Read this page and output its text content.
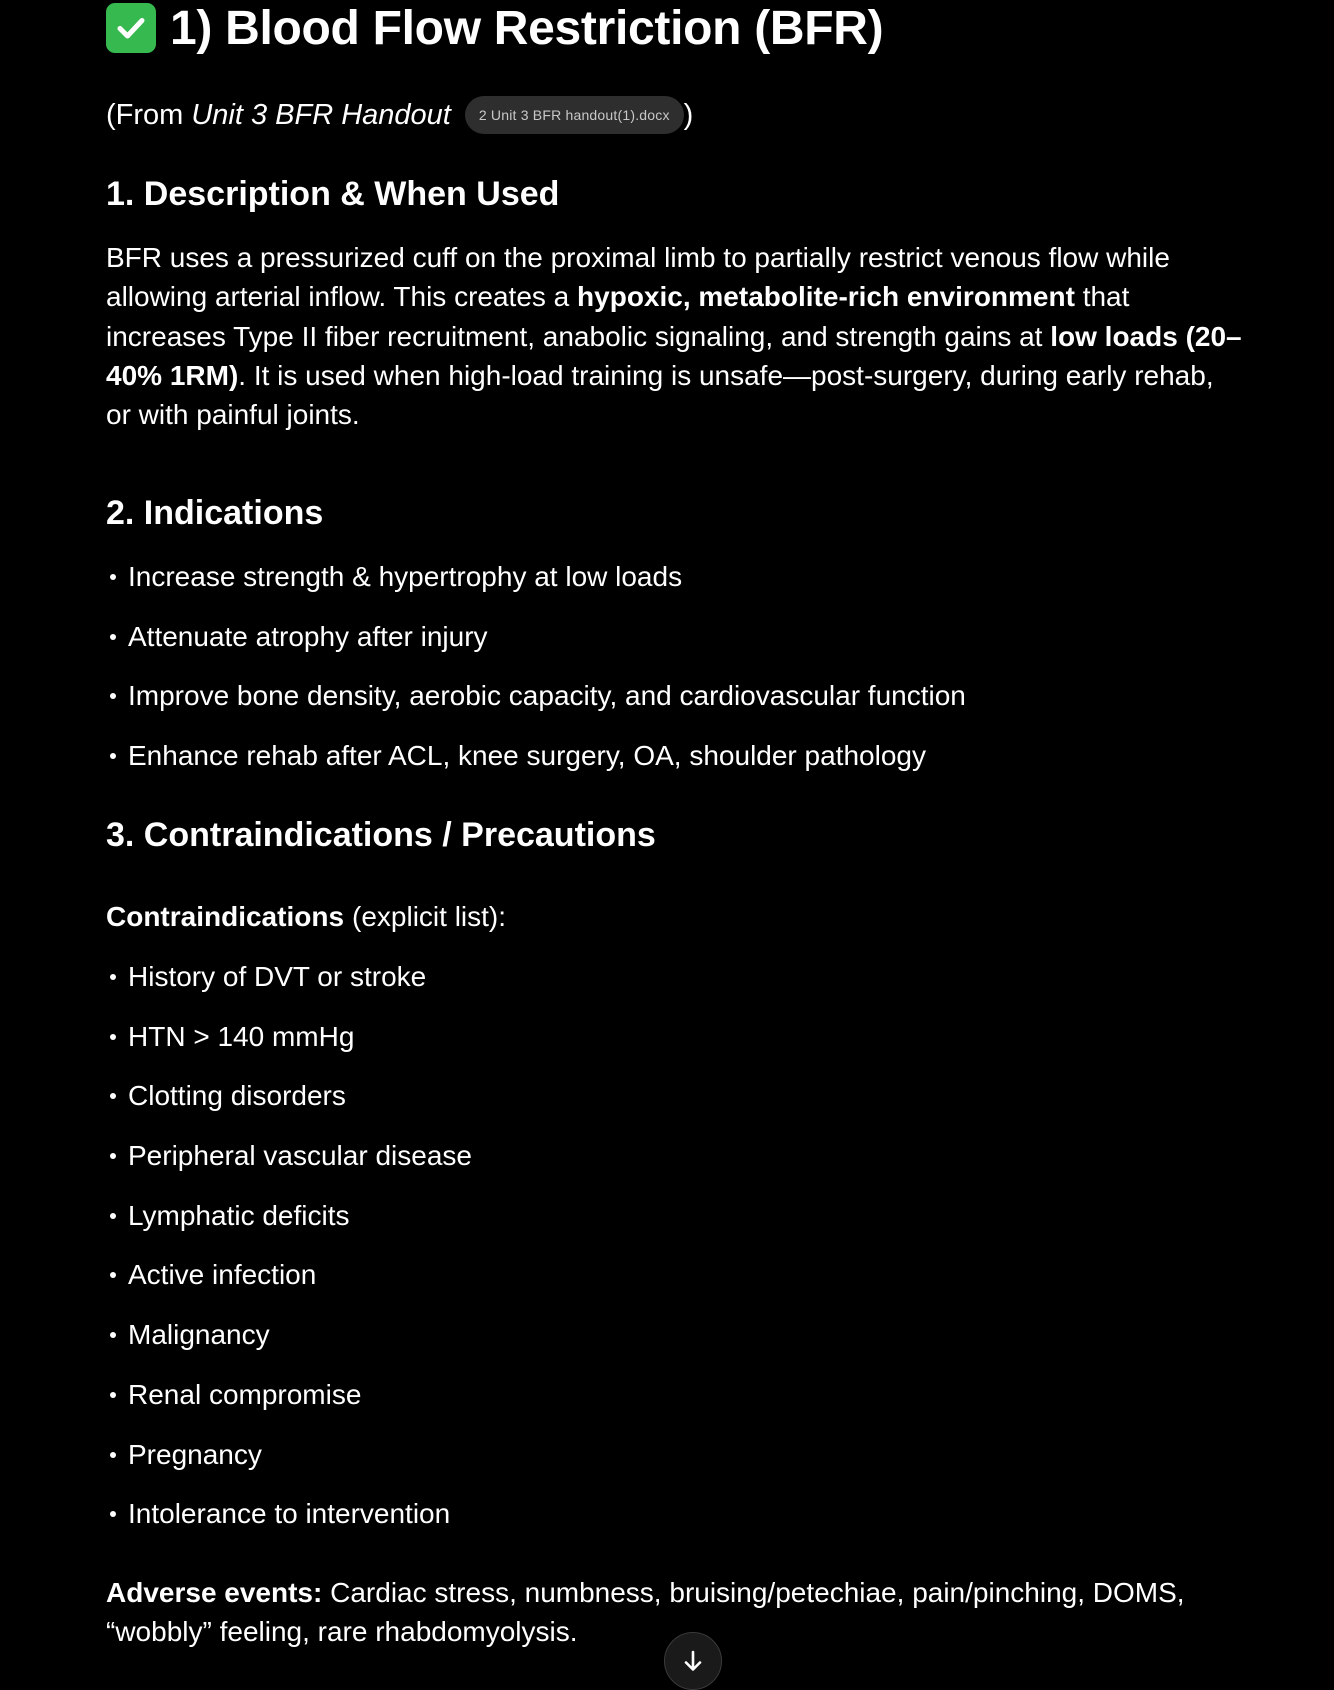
1) Blood Flow Restriction (BFR)
(From Unit 3 BFR Handout	2 Unit 3 BFR handout(1).docx )
1. Description & When Used

BFR uses a pressurized cuff on the proximal limb to partially restrict venous flow while allowing arterial inflow. This creates a hypoxic, metabolite-rich environment that increases Type II fiber recruitment, anabolic signaling, and strength gains at low loads (20–40% 1RM). It is used when high-load training is unsafe—post-surgery, during early rehab, or with painful joints.

2. Indications
Increase strength & hypertrophy at low loads
Attenuate atrophy after injury
Improve bone density, aerobic capacity, and cardiovascular function
Enhance rehab after ACL, knee surgery, OA, shoulder pathology
3. Contraindications / Precautions
Contraindications (explicit list):
History of DVT or stroke
HTN > 140 mmHg
Clotting disorders
Peripheral vascular disease
Lymphatic deficits
Active infection
Malignancy
Renal compromise
Pregnancy
Intolerance to intervention

Adverse events: Cardiac stress, numbness, bruising/petechiae, pain/pinching, DOMS, “wobbly” feeling, rare rhabdomyolysis.
